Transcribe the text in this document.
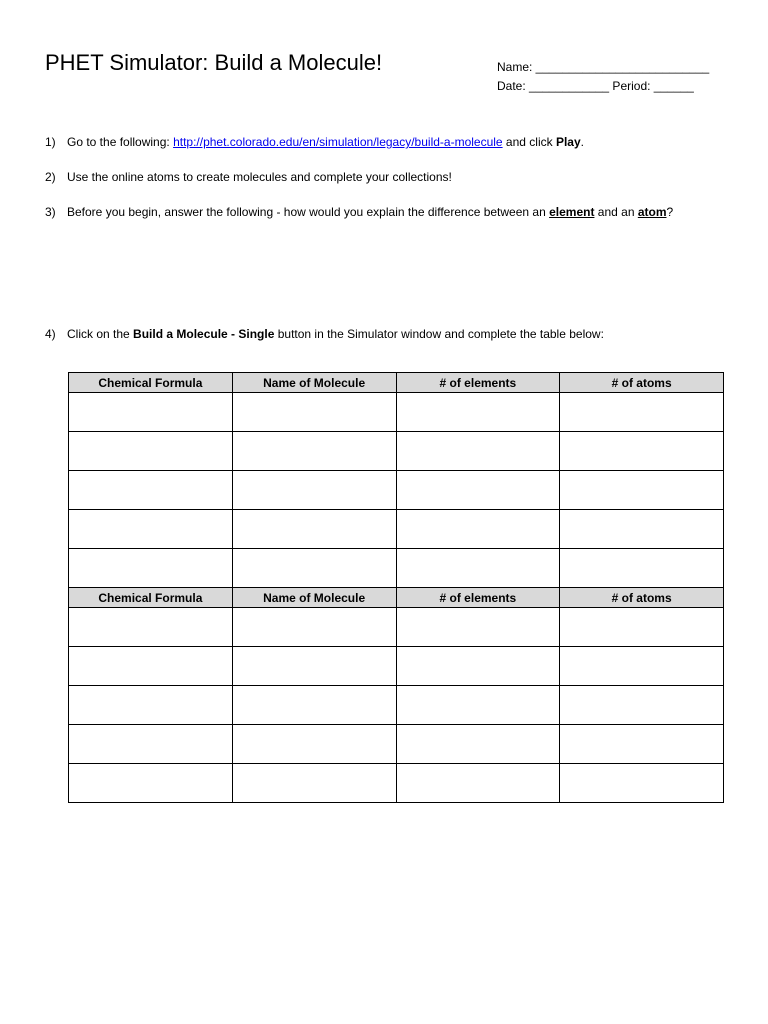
PHET Simulator: Build a Molecule!	Name: __________________________
Date: ____________ Period: ______
1) Go to the following: http://phet.colorado.edu/en/simulation/legacy/build-a-molecule and click Play.
2) Use the online atoms to create molecules and complete your collections!
3) Before you begin, answer the following - how would you explain the difference between an element and an atom?
4) Click on the Build a Molecule - Single button in the Simulator window and complete the table below:
Chemical Formula	Name of Molecule	# of elements	# of atoms

Chemical Formula	Name of Molecule	# of elements	# of atoms
